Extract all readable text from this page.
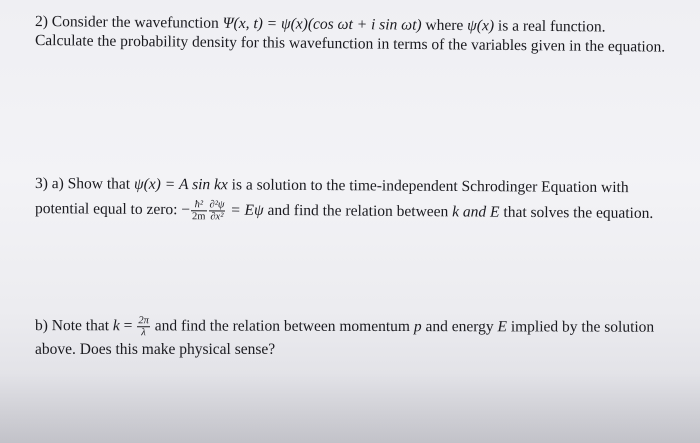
2) Consider the wavefunction Ψ(x, t) = ψ(x)(cos ωt + i sin ωt) where ψ(x) is a real function.
Calculate the probability density for this wavefunction in terms of the variables given in the equation.
3) a) Show that ψ(x) = A sin kx is a solution to the time-independent Schrodinger Equation with
potential equal to zero: − $\frac{\text{ħ²}}{2m} \frac{\text{∂²ψ}}{\text{∂x²}} = E\psi$ and find the relation between k and E that solves the equation.
b) Note that $k = \frac{2\pi}{\lambda}$ and find the relation between momentum p and energy E implied by the solution
above. Does this make physical sense?
